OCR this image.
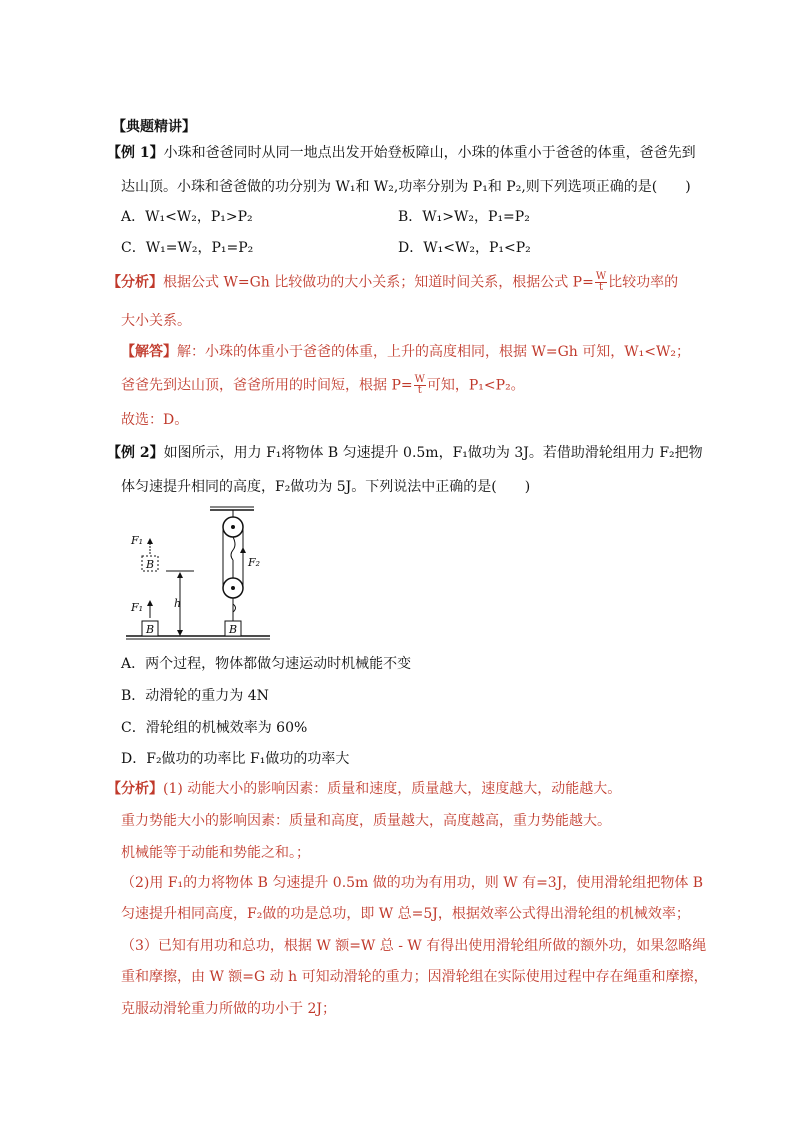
【典题精讲】
【例 1】小珠和爸爸同时从同一地点出发开始登板障山，小珠的体重小于爸爸的体重，爸爸先到
达山顶。小珠和爸爸做的功分别为 W₁和 W₂,功率分别为 P₁和 P₂,则下列选项正确的是(　　)
A．W₁<W₂，P₁>P₂	B．W₁>W₂，P₁=P₂
C．W₁=W₂，P₁=P₂	D．W₁<W₂，P₁<P₂
【分析】根据公式 W=Gh 比较做功的大小关系；知道时间关系，根据公式 $P= \frac{W}{t}$ 比较功率的
大小关系。
【解答】解：小珠的体重小于爸爸的体重，上升的高度相同，根据 W=Gh 可知，W₁<W₂；
爸爸先到达山顶，爸爸所用的时间短，根据 $P= \frac{W}{t}$ 可知，P₁<P₂。
故选：D。
【例 2】如图所示，用力 F₁将物体 B 匀速提升 0.5m，F₁做功为 3J。若借助滑轮组用力 F₂把物
体匀速提升相同的高度，F₂做功为 5J。下列说法中正确的是(　　)
B
F₁
B
F₁
h
F₂
B
A．两个过程，物体都做匀速运动时机械能不变
B．动滑轮的重力为 4N
C．滑轮组的机械效率为 60%
D．F₂做功的功率比 F₁做功的功率大
【分析】(1) 动能大小的影响因素：质量和速度，质量越大，速度越大，动能越大。
重力势能大小的影响因素：质量和高度，质量越大，高度越高，重力势能越大。
机械能等于动能和势能之和。；
（2)用 F₁的力将物体 B 匀速提升 0.5m 做的功为有用功，则 W 有=3J，使用滑轮组把物体 B
匀速提升相同高度，F₂做的功是总功，即 W 总=5J，根据效率公式得出滑轮组的机械效率；
（3）已知有用功和总功，根据 W 额=W 总 - W 有得出使用滑轮组所做的额外功，如果忽略绳
重和摩擦，由 W 额=G 动 h 可知动滑轮的重力；因滑轮组在实际使用过程中存在绳重和摩擦，
克服动滑轮重力所做的功小于 2J；
